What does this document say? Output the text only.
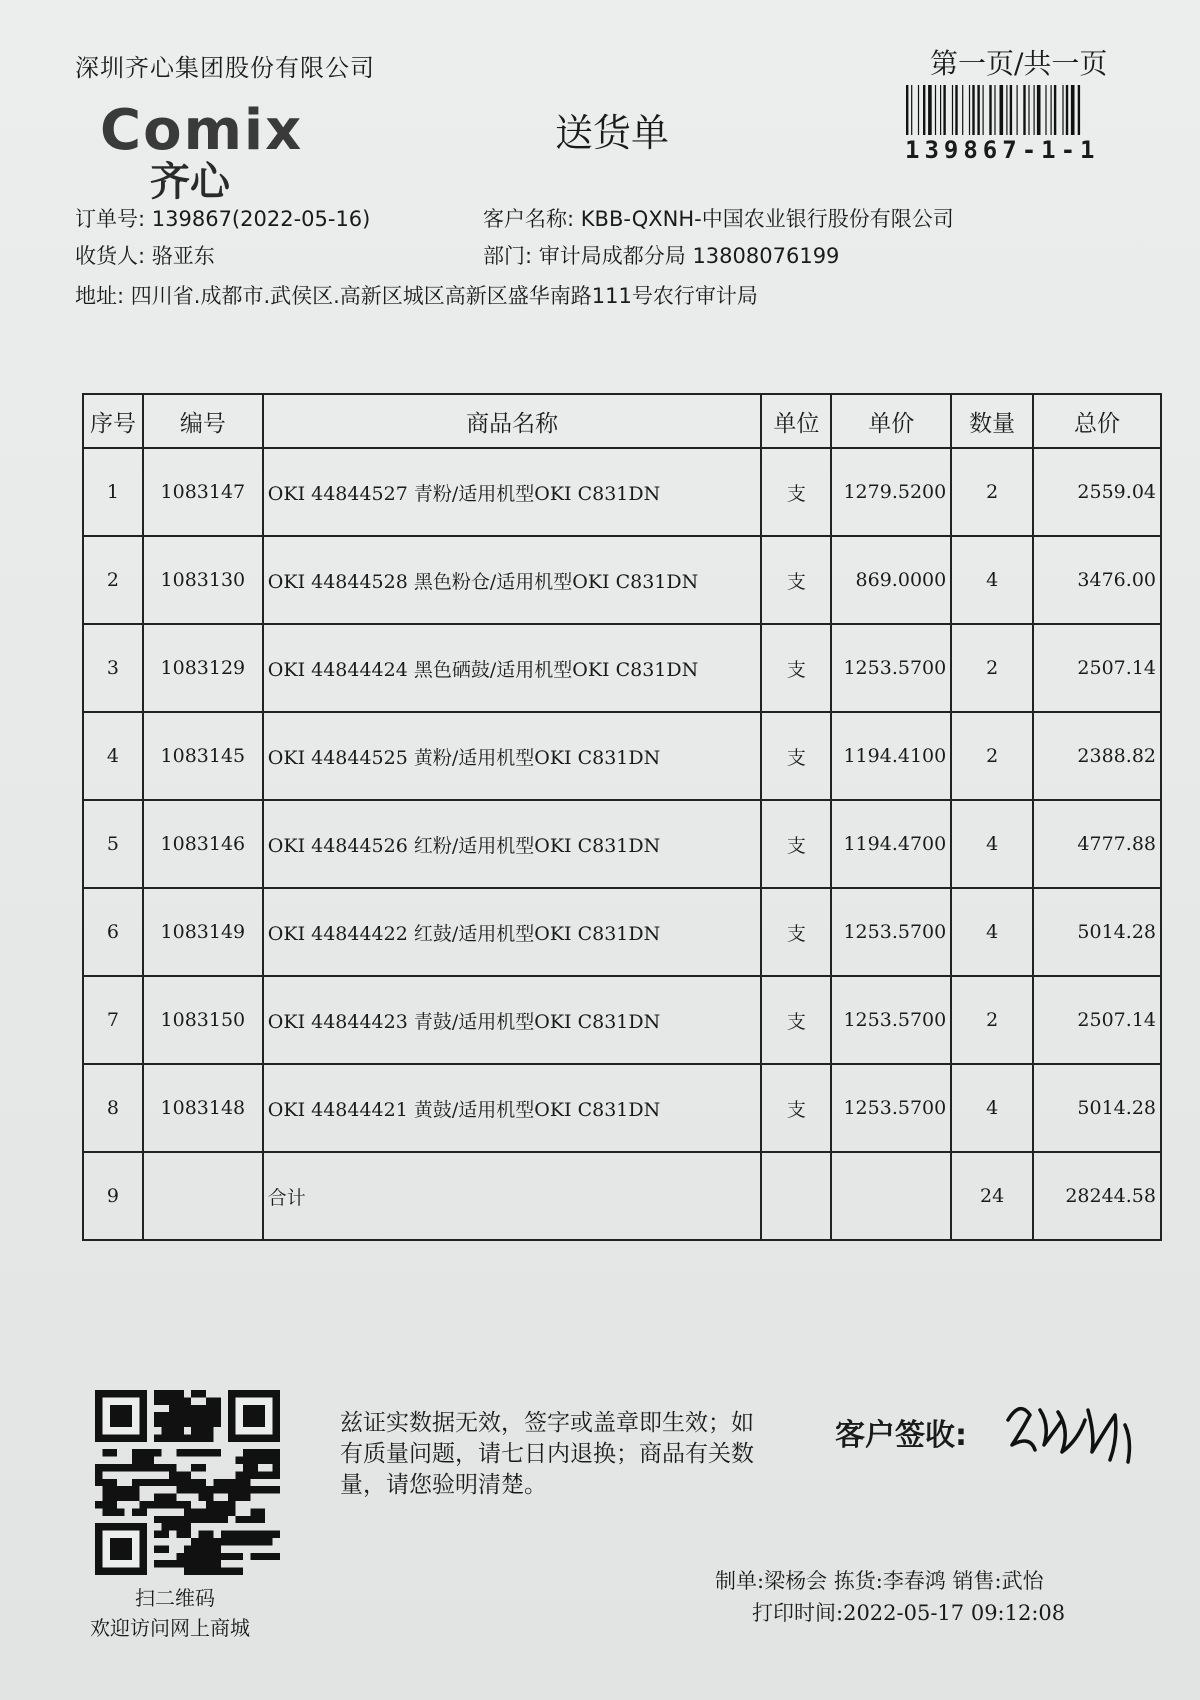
深圳齐心集团股份有限公司	第一页/共一页
139867-1-1
Comix
齐心
送货单
订单号: 139867(2022-05-16)	客户名称: KBB-QXNH-中国农业银行股份有限公司
收货人: 骆亚东	部门: 审计局成都分局 13808076199
地址: 四川省.成都市.武侯区.高新区城区高新区盛华南路111号农行审计局
序号	编号	商品名称	单位	单价	数量	总价
1	1083147	OKI 44844527 青粉/适用机型OKI C831DN	支	1279.5200	2	2559.04
2	1083130	OKI 44844528 黑色粉仓/适用机型OKI C831DN	支	869.0000	4	3476.00
3	1083129	OKI 44844424 黑色硒鼓/适用机型OKI C831DN	支	1253.5700	2	2507.14
4	1083145	OKI 44844525 黄粉/适用机型OKI C831DN	支	1194.4100	2	2388.82
5	1083146	OKI 44844526 红粉/适用机型OKI C831DN	支	1194.4700	4	4777.88
6	1083149	OKI 44844422 红鼓/适用机型OKI C831DN	支	1253.5700	4	5014.28
7	1083150	OKI 44844423 青鼓/适用机型OKI C831DN	支	1253.5700	2	2507.14
8	1083148	OKI 44844421 黄鼓/适用机型OKI C831DN	支	1253.5700	4	5014.28
9		合计			24	28244.58
扫二维码
欢迎访问网上商城
兹证实数据无效，签字或盖章即生效；如有质量问题，请七日内退换；商品有关数量，请您验明清楚。
客户签收:
制单:梁杨会 拣货:李春鸿 销售:武怡
打印时间:2022-05-17 09:12:08
